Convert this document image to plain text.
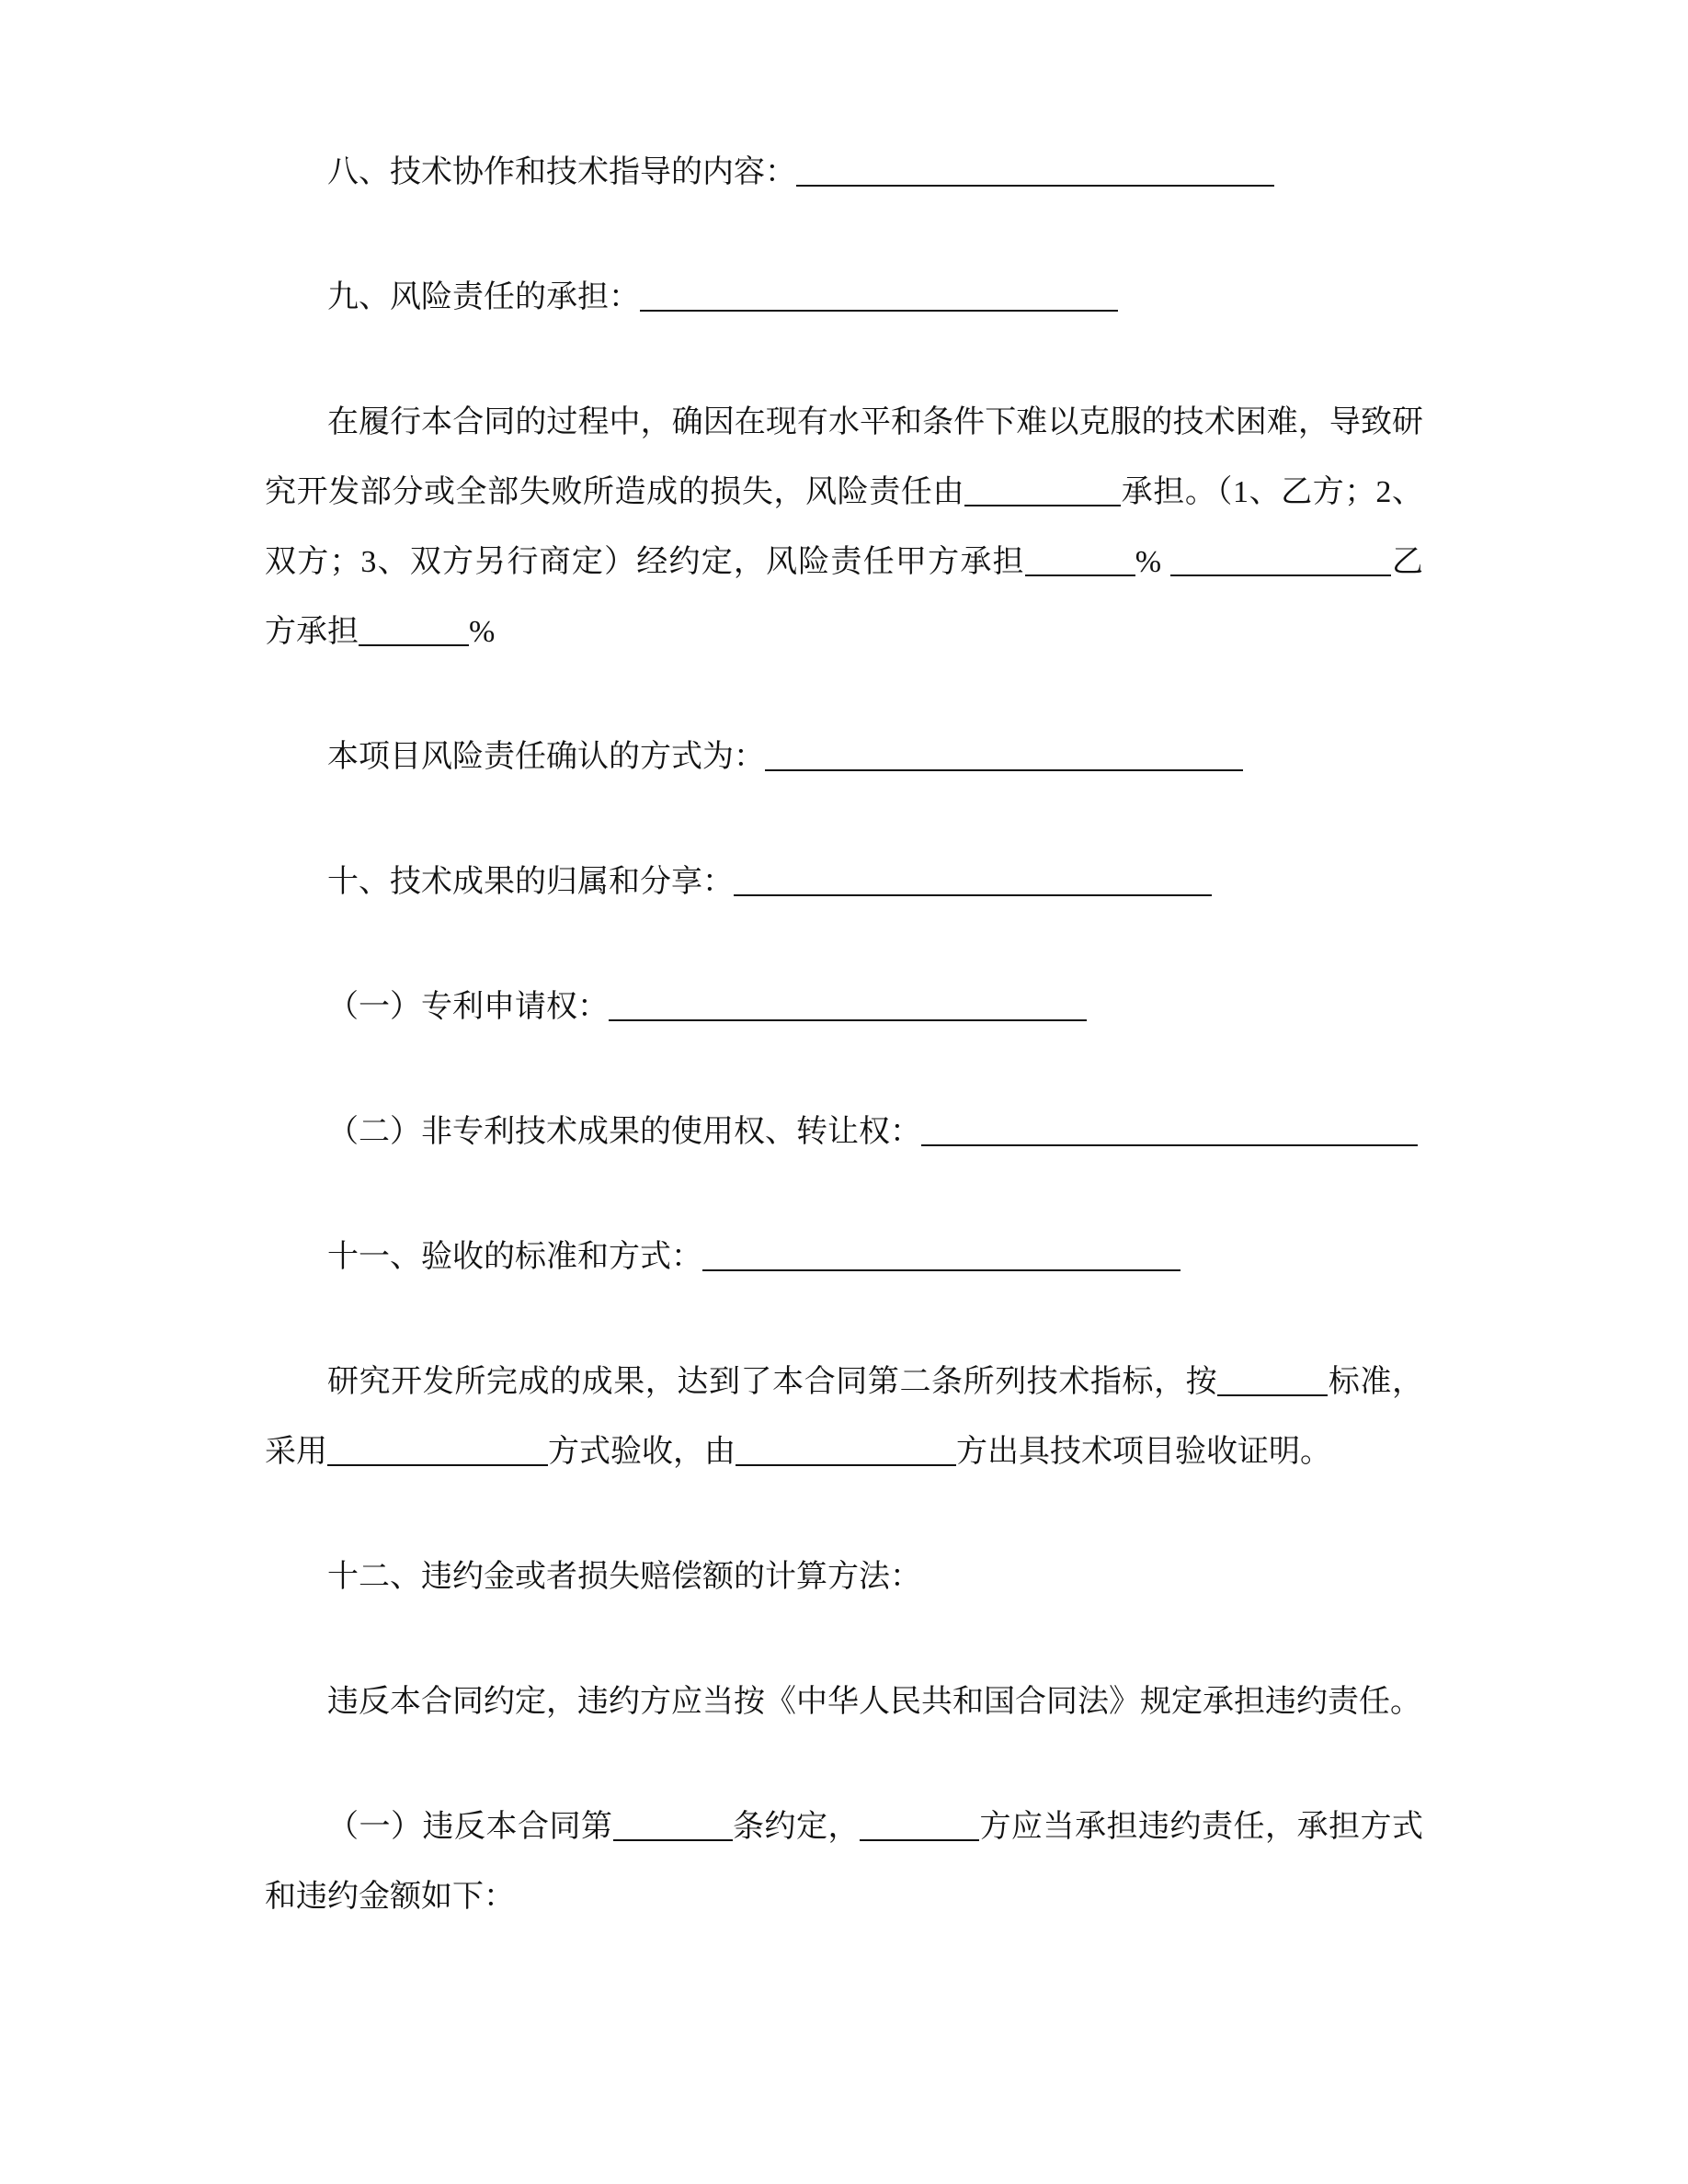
八、技术协作和技术指导的内容：

九、风险责任的承担：

在履行本合同的过程中，确因在现有水平和条件下难以克服的技术困难，导致研究开发部分或全部失败所造成的损失，风险责任由	承担。（1、乙方；2、双方；3、双方另行商定）经约定，风险责任甲方承担	%	乙方承担	%

本项目风险责任确认的方式为：

十、技术成果的归属和分享：

（一）专利申请权：

（二）非专利技术成果的使用权、转让权：

十一、验收的标准和方式：

研究开发所完成的成果，达到了本合同第二条所列技术指标，按	标准，采用	方式验收，由	方出具技术项目验收证明。

十二、违约金或者损失赔偿额的计算方法：

违反本合同约定，违约方应当按《中华人民共和国合同法》规定承担违约责任。

（一）违反本合同第	条约定，	方应当承担违约责任，承担方式和违约金额如下：
